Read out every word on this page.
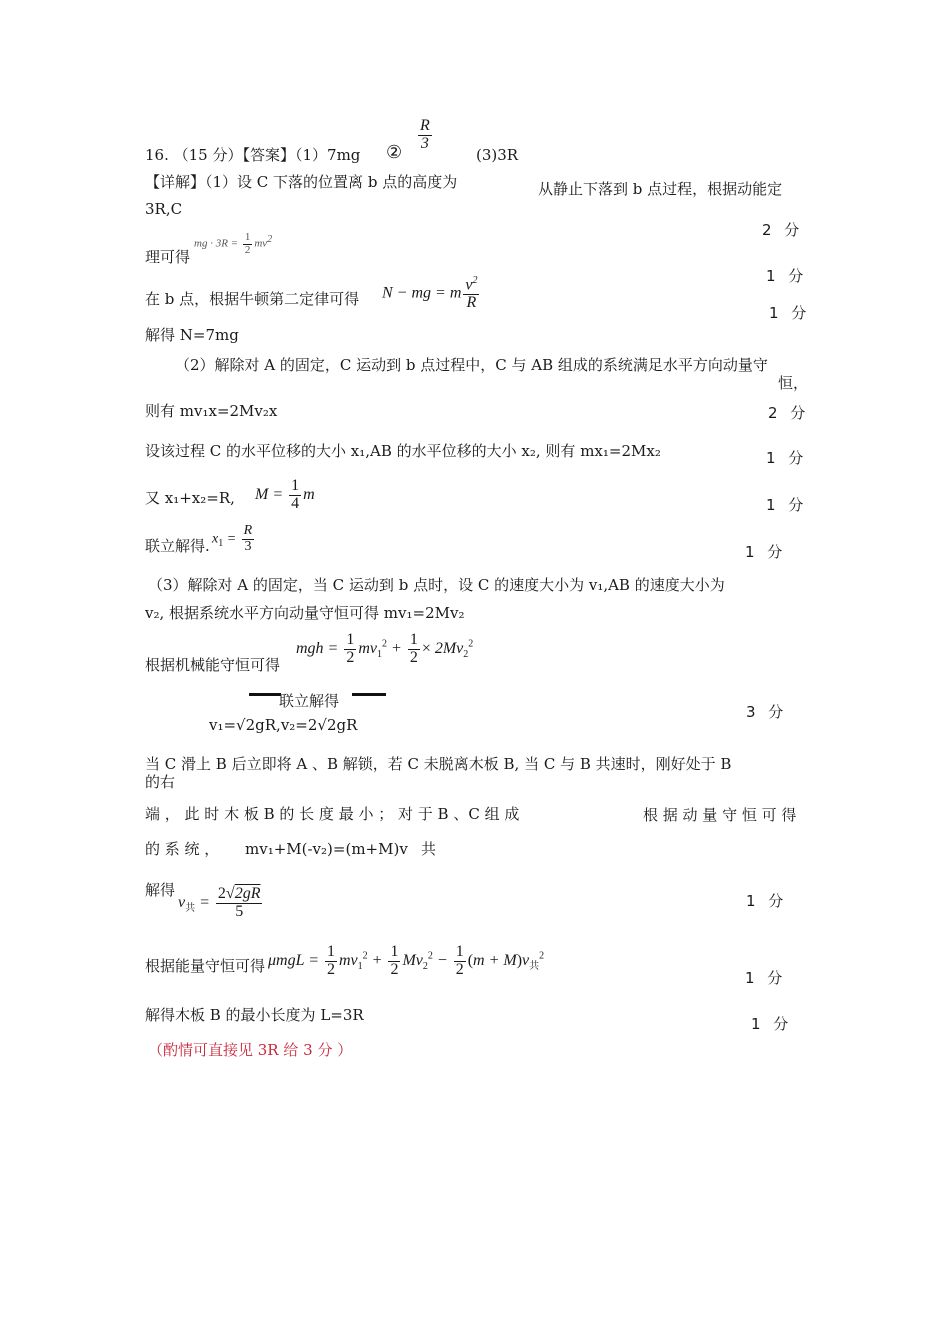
16. （15 分）【答案】（1）7mg ② $\frac{R}{3}$
(3)3R
【详解】（1）设 C 下落的位置离 b 点的高度为	从静止下落到 b 点过程，根据动能定
3R,C
2 分
理可得
mg · $3R = \frac{1}{2} mv^2$
1 分
在 b 点，根据牛顿第二定律可得 N − mg = m $\frac{v^2}{R}$
1 分
解得 N=7mg
（2）解除对 A 的固定，C 运动到 b 点过程中，C 与 AB 组成的系统满足水平方向动量守
恒，
则有 mv₁x=2Mv₂x	2 分
设该过程 C 的水平位移的大小 x₁,AB 的水平位移的大小 x₂, 则有 mx₁=2Mx₂	1 分
又 x₁+x₂=R, $M = \frac{1}{4}$ m
1 分
联立解得. $x_1 = \frac{R}{3}$	1 分
（3）解除对 A 的固定，当 C 运动到 b 点时，设 C 的速度大小为 v₁,AB 的速度大小为
v₂, 根据系统水平方向动量守恒可得 mv₁=2Mv₂
根据机械能守恒可得
mgh = $\frac{1}{2} mv_1^2 + \frac{1}{2} \times 2Mv_2^2$
联立解得
v₁=√2gR,v₂=2√2gR
3 分
当 C 滑上 B 后立即将 A 、B 解锁，若 C 未脱离木板 B, 当 C 与 B 共速时，刚好处于 B
的右
端 ， 此 时 木 板 B 的 长 度 最 小 ； 对 于 B 、C 组 成	根 据 动 量 守 恒 可 得
的 系 统 ， mv₁+M(-v₂)=(m+M)v 共
解得
$v_共 = \frac{2√2gR}{5}$	1 分
根据能量守恒可得 $\mu mgL = \frac{1}{2} mv_1^2 + \frac{1}{2} Mv_2^2 - \frac{1}{2} (m + M)v_共^2$
1 分
解得木板 B 的最小长度为 L=3R	1 分
（酌情可直接见 3R 给 3 分 ）
